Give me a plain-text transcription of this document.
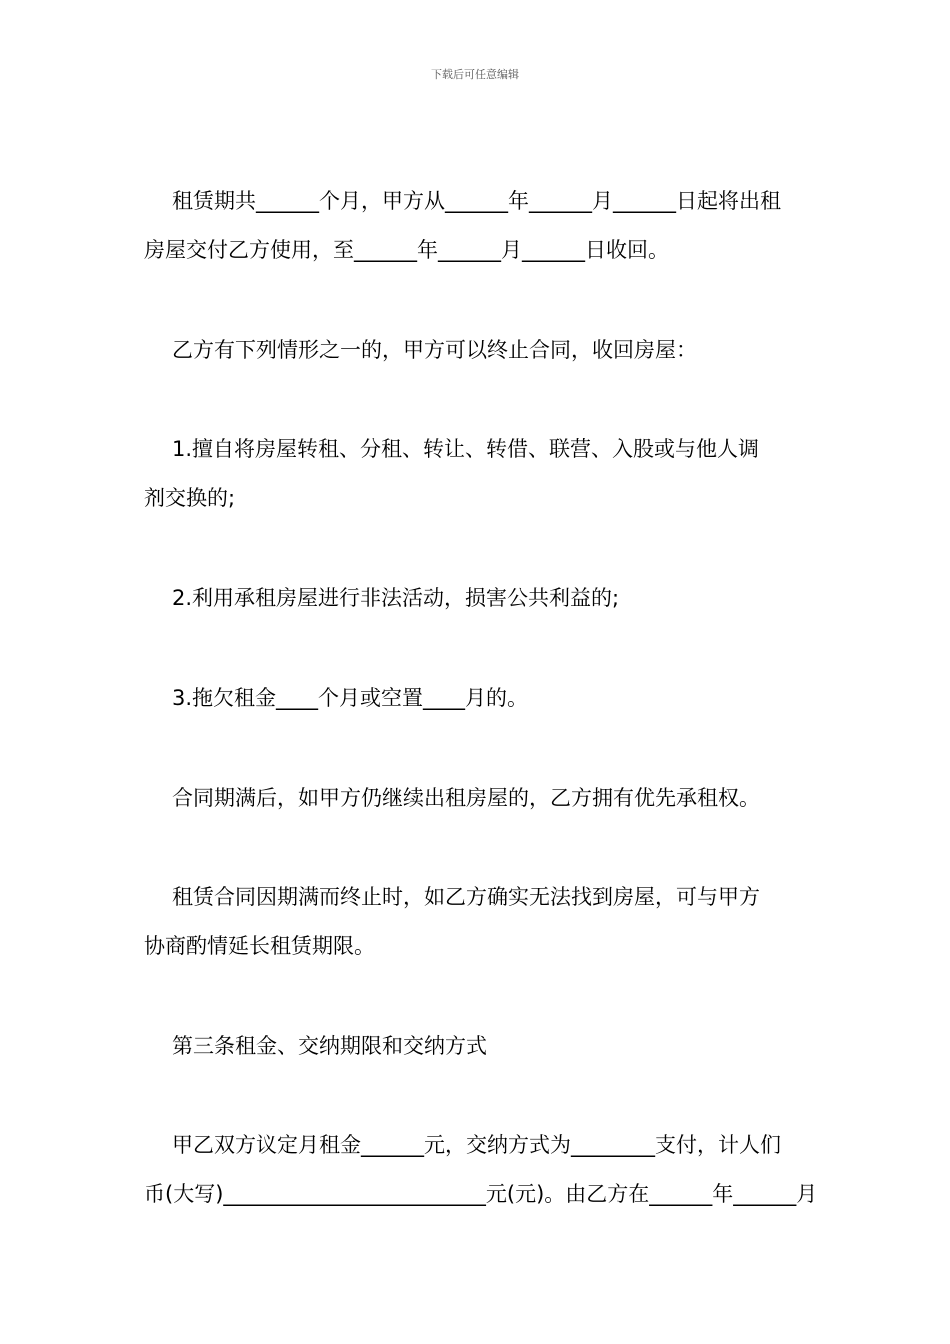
下载后可任意编辑
租赁期共______个月，甲方从______年______月______日起将出租
房屋交付乙方使用，至______年______月______日收回。
乙方有下列情形之一的，甲方可以终止合同，收回房屋：
1.擅自将房屋转租、分租、转让、转借、联营、入股或与他人调
剂交换的;
2.利用承租房屋进行非法活动，损害公共利益的;
3.拖欠租金____个月或空置____月的。
合同期满后，如甲方仍继续出租房屋的，乙方拥有优先承租权。
租赁合同因期满而终止时，如乙方确实无法找到房屋，可与甲方
协商酌情延长租赁期限。
第三条租金、交纳期限和交纳方式
甲乙双方议定月租金______元，交纳方式为________支付，计人们
币(大写)_________________________元(元)。由乙方在______年______月
